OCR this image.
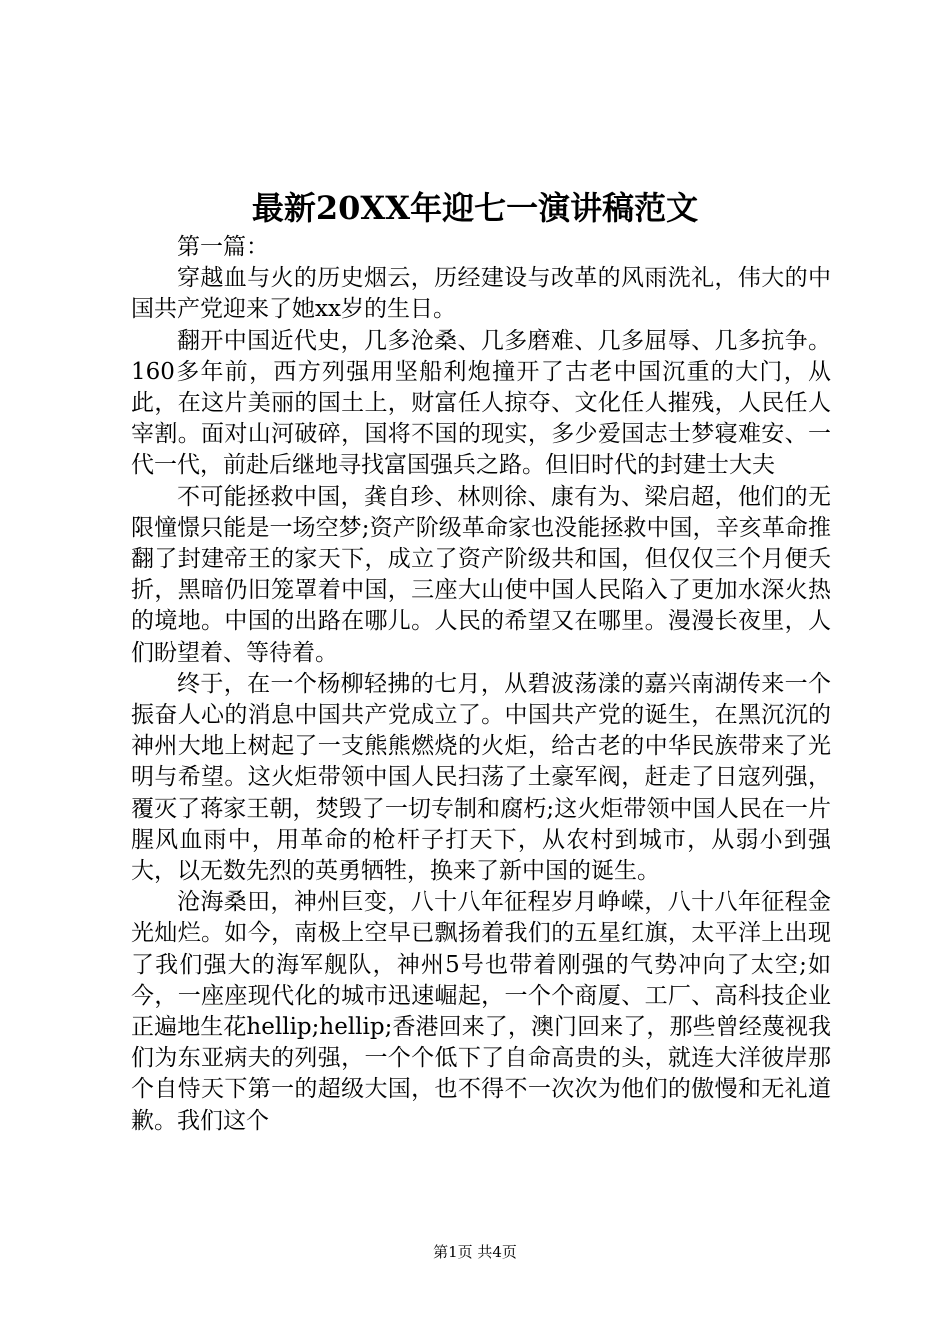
最新20XX年迎七一演讲稿范文

第一篇：

穿越血与火的历史烟云，历经建设与改革的风雨洗礼，伟大的中国共产党迎来了她xx岁的生日。

翻开中国近代史，几多沧桑、几多磨难、几多屈辱、几多抗争。160多年前，西方列强用坚船利炮撞开了古老中国沉重的大门，从此，在这片美丽的国土上，财富任人掠夺、文化任人摧残，人民任人宰割。面对山河破碎，国将不国的现实，多少爱国志士梦寝难安、一代一代，前赴后继地寻找富国强兵之路。但旧时代的封建士大夫

不可能拯救中国，龚自珍、林则徐、康有为、梁启超，他们的无限憧憬只能是一场空梦;资产阶级革命家也没能拯救中国，辛亥革命推翻了封建帝王的家天下，成立了资产阶级共和国，但仅仅三个月便夭折，黑暗仍旧笼罩着中国，三座大山使中国人民陷入了更加水深火热的境地。中国的出路在哪儿。人民的希望又在哪里。漫漫长夜里，人们盼望着、等待着。

终于，在一个杨柳轻拂的七月，从碧波荡漾的嘉兴南湖传来一个振奋人心的消息中国共产党成立了。中国共产党的诞生，在黑沉沉的神州大地上树起了一支熊熊燃烧的火炬，给古老的中华民族带来了光明与希望。这火炬带领中国人民扫荡了土豪军阀，赶走了日寇列强，覆灭了蒋家王朝，焚毁了一切专制和腐朽;这火炬带领中国人民在一片腥风血雨中，用革命的枪杆子打天下，从农村到城市，从弱小到强大，以无数先烈的英勇牺牲，换来了新中国的诞生。

沧海桑田，神州巨变，八十八年征程岁月峥嵘，八十八年征程金光灿烂。如今，南极上空早已飘扬着我们的五星红旗，太平洋上出现了我们强大的海军舰队，神州5号也带着刚强的气势冲向了太空;如今，一座座现代化的城市迅速崛起，一个个商厦、工厂、高科技企业正遍地生花hellip;hellip;香港回来了，澳门回来了，那些曾经蔑视我们为东亚病夫的列强，一个个低下了自命高贵的头，就连大洋彼岸那个自恃天下第一的超级大国，也不得不一次次为他们的傲慢和无礼道歉。我们这个

第1页 共4页
